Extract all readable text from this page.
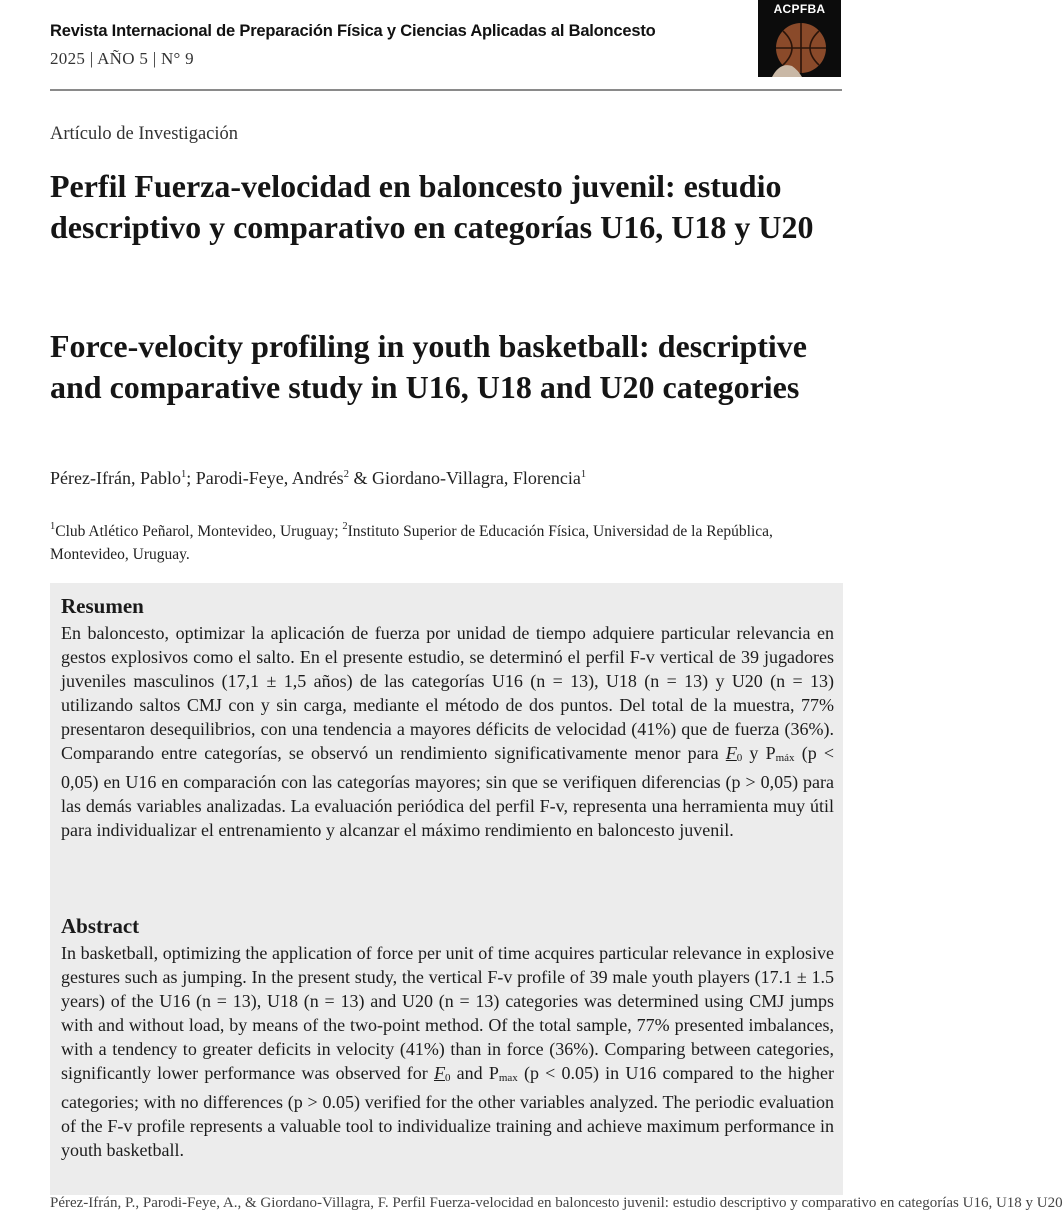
Revista Internacional de Preparación Física y Ciencias Aplicadas al Baloncesto
2025 | AÑO 5 | N° 9
ACPFBA
Artículo de Investigación
Perfil Fuerza-velocidad en baloncesto juvenil: estudio descriptivo y comparativo en categorías U16, U18 y U20
Force-velocity profiling in youth basketball: descriptive and comparative study in U16, U18 and U20 categories
Pérez-Ifrán, Pablo$^1$; Parodi-Feye, Andrés$^2$ & Giordano-Villagra, Florencia$^1$
$^1$Club Atlético Peñarol, Montevideo, Uruguay; $^2$Instituto Superior de Educación Física, Universidad de la República, Montevideo, Uruguay.
Resumen
En baloncesto, optimizar la aplicación de fuerza por unidad de tiempo adquiere particular relevancia en gestos explosivos como el salto. En el presente estudio, se determinó el perfil F-v vertical de 39 jugadores juveniles masculinos (17,1 ± 1,5 años) de las categorías U16 (n = 13), U18 (n = 13) y U20 (n = 13) utilizando saltos CMJ con y sin carga, mediante el método de dos puntos. Del total de la muestra, 77% presentaron desequilibrios, con una tendencia a mayores déficits de velocidad (41%) que de fuerza (36%). Comparando entre categorías, se observó un rendimiento significativamente menor para F0 y Pmáx (p < 0,05) en U16 en comparación con las categorías mayores; sin que se verifiquen diferencias (p > 0,05) para las demás variables analizadas. La evaluación periódica del perfil F-v, representa una herramienta muy útil para individualizar el entrenamiento y alcanzar el máximo rendimiento en baloncesto juvenil.
Abstract
In basketball, optimizing the application of force per unit of time acquires particular relevance in explosive gestures such as jumping. In the present study, the vertical F-v profile of 39 male youth players (17.1 ± 1.5 years) of the U16 (n = 13), U18 (n = 13) and U20 (n = 13) categories was determined using CMJ jumps with and without load, by means of the two-point method. Of the total sample, 77% presented imbalances, with a tendency to greater deficits in velocity (41%) than in force (36%). Comparing between categories, significantly lower performance was observed for F0 and Pmax (p < 0.05) in U16 compared to the higher categories; with no differences (p > 0.05) verified for the other variables analyzed. The periodic evaluation of the F-v profile represents a valuable tool to individualize training and achieve maximum performance in youth basketball.
Pérez-Ifrán, P., Parodi-Feye, A., & Giordano-Villagra, F. Perfil Fuerza-velocidad en baloncesto juvenil: estudio descriptivo y comparativo en categorías U16, U18 y U20
